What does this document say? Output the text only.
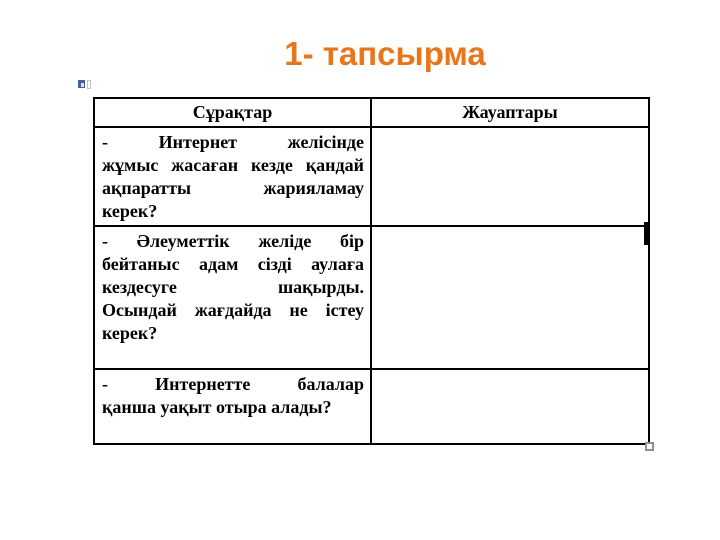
1- тапсырма
Сұрақтар	Жауаптары

- Интернет желісінде
жұмыс жасаған кезде қандай
ақпаратты жарияламау
керек?	

- Әлеуметтік желіде бір
бейтаныс адам сізді аулаға
кездесуге шақырды.
Осындай жағдайда не істеу
керек?	

- Интернетте балалар
қанша уақыт отыра алады?	
